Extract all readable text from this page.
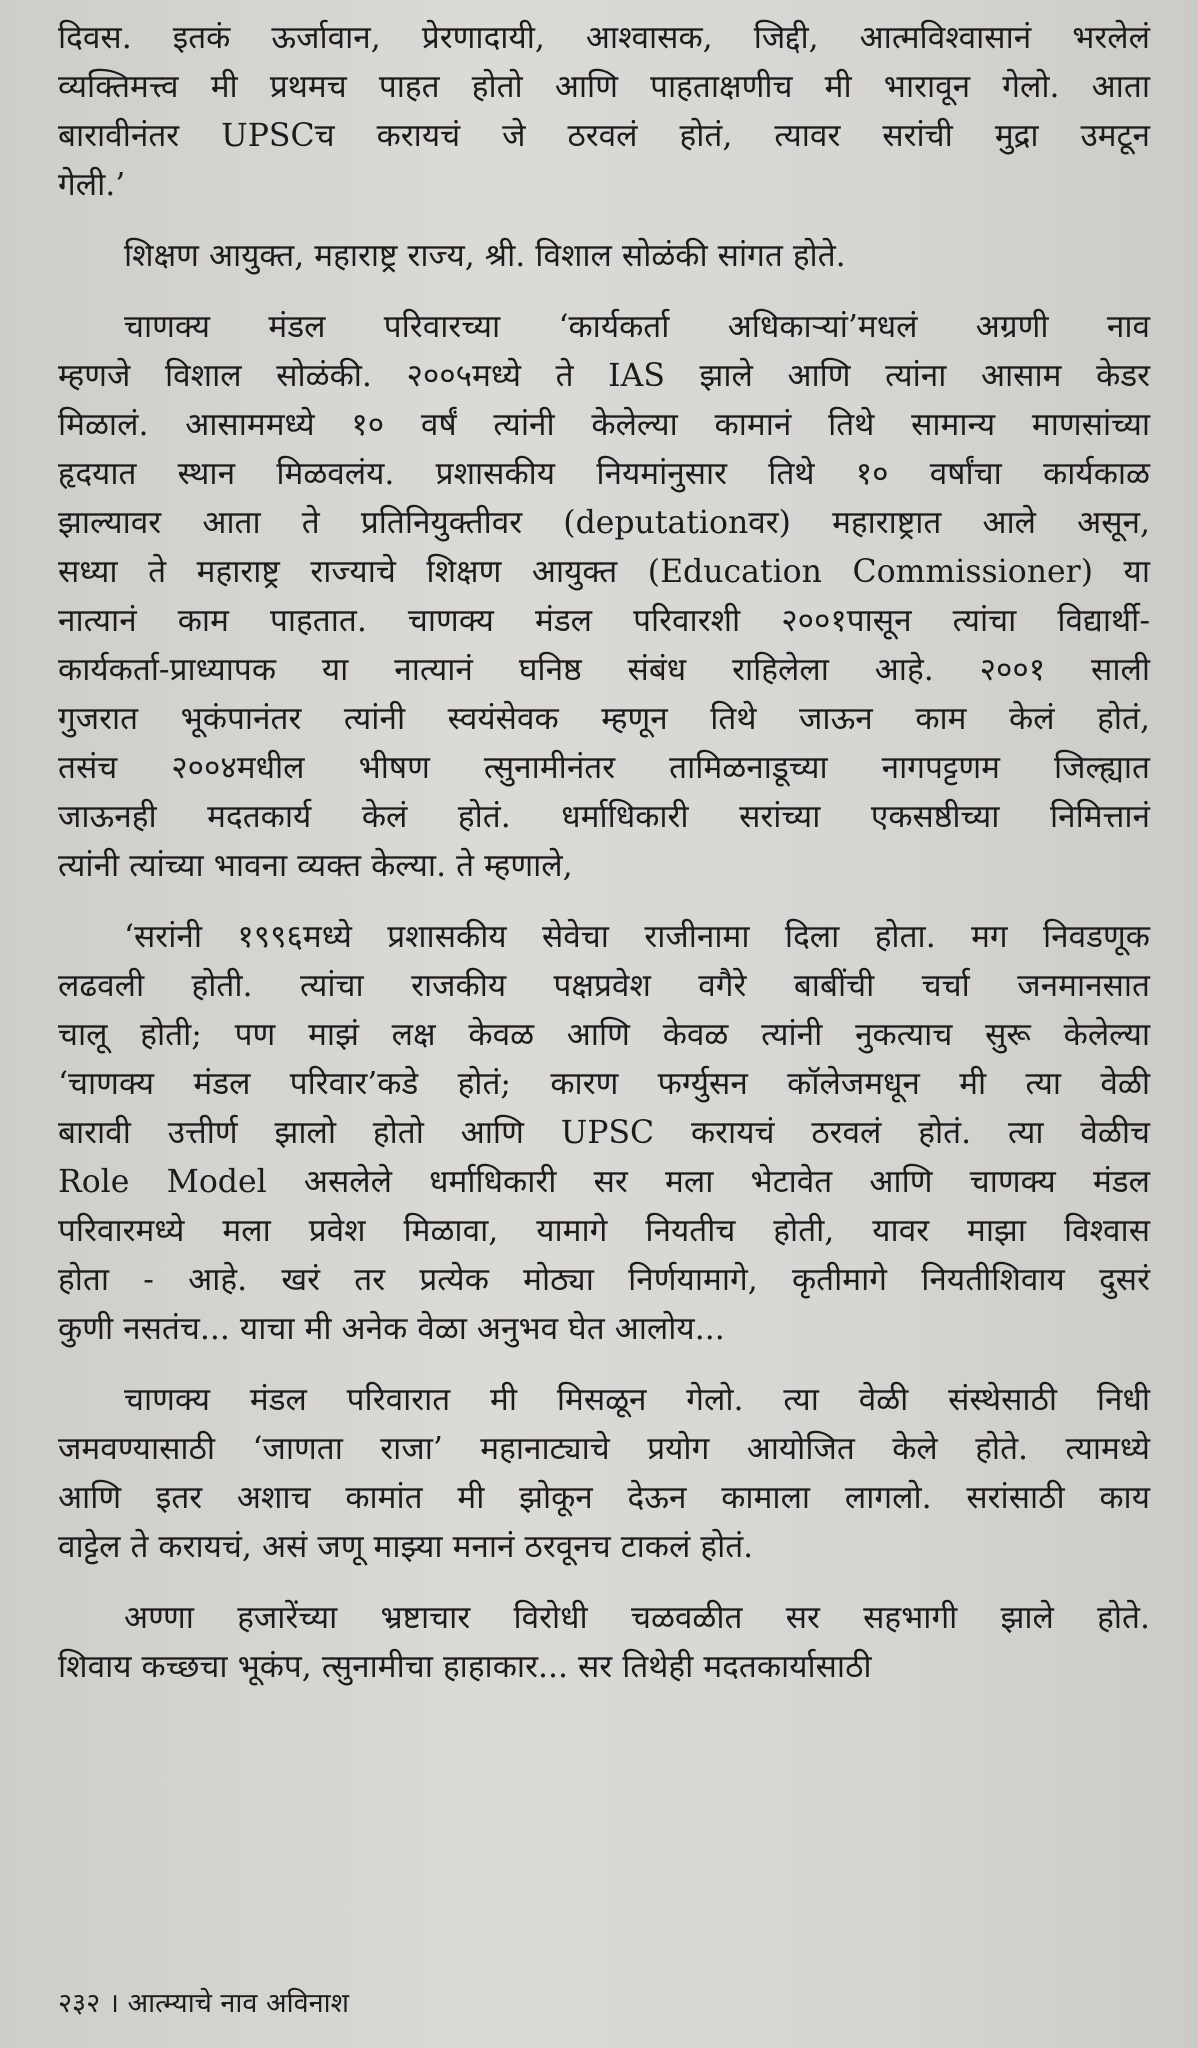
दिवस. इतकं ऊर्जावान, प्रेरणादायी, आश्वासक, जिद्दी, आत्मविश्वासानं भरलेलं
व्यक्तिमत्त्व मी प्रथमच पाहत होतो आणि पाहताक्षणीच मी भारावून गेलो. आता
बारावीनंतर UPSCच करायचं जे ठरवलं होतं, त्यावर सरांची मुद्रा उमटून
गेली.’
शिक्षण आयुक्त, महाराष्ट्र राज्य, श्री. विशाल सोळंकी सांगत होते.
चाणक्य मंडल परिवारच्या ‘कार्यकर्ता अधिकाऱ्यां’मधलं अग्रणी नाव
म्हणजे विशाल सोळंकी. २००५मध्ये ते IAS झाले आणि त्यांना आसाम केडर
मिळालं. आसाममध्ये १० वर्षं त्यांनी केलेल्या कामानं तिथे सामान्य माणसांच्या
हृदयात स्थान मिळवलंय. प्रशासकीय नियमांनुसार तिथे १० वर्षांचा कार्यकाळ
झाल्यावर आता ते प्रतिनियुक्तीवर (deputationवर) महाराष्ट्रात आले असून,
सध्या ते महाराष्ट्र राज्याचे शिक्षण आयुक्त (Education Commissioner) या
नात्यानं काम पाहतात. चाणक्य मंडल परिवारशी २००१पासून त्यांचा विद्यार्थी-
कार्यकर्ता-प्राध्यापक या नात्यानं घनिष्ठ संबंध राहिलेला आहे. २००१ साली
गुजरात भूकंपानंतर त्यांनी स्वयंसेवक म्हणून तिथे जाऊन काम केलं होतं,
तसंच २००४मधील भीषण त्सुनामीनंतर तामिळनाडूच्या नागपट्टणम जिल्ह्यात
जाऊनही मदतकार्य केलं होतं. धर्माधिकारी सरांच्या एकसष्ठीच्या निमित्तानं
त्यांनी त्यांच्या भावना व्यक्त केल्या. ते म्हणाले,
‘सरांनी १९९६मध्ये प्रशासकीय सेवेचा राजीनामा दिला होता. मग निवडणूक
लढवली होती. त्यांचा राजकीय पक्षप्रवेश वगैरे बाबींची चर्चा जनमानसात
चालू होती; पण माझं लक्ष केवळ आणि केवळ त्यांनी नुकत्याच सुरू केलेल्या
‘चाणक्य मंडल परिवार’कडे होतं; कारण फर्ग्युसन कॉलेजमधून मी त्या वेळी
बारावी उत्तीर्ण झालो होतो आणि UPSC करायचं ठरवलं होतं. त्या वेळीच
Role Model असलेले धर्माधिकारी सर मला भेटावेत आणि चाणक्य मंडल
परिवारमध्ये मला प्रवेश मिळावा, यामागे नियतीच होती, यावर माझा विश्वास
होता - आहे. खरं तर प्रत्येक मोठ्या निर्णयामागे, कृतीमागे नियतीशिवाय दुसरं
कुणी नसतंच... याचा मी अनेक वेळा अनुभव घेत आलोय...
चाणक्य मंडल परिवारात मी मिसळून गेलो. त्या वेळी संस्थेसाठी निधी
जमवण्यासाठी ‘जाणता राजा’ महानाट्याचे प्रयोग आयोजित केले होते. त्यामध्ये
आणि इतर अशाच कामांत मी झोकून देऊन कामाला लागलो. सरांसाठी काय
वाट्टेल ते करायचं, असं जणू माझ्या मनानं ठरवूनच टाकलं होतं.
अण्णा हजारेंच्या भ्रष्टाचार विरोधी चळवळीत सर सहभागी झाले होते.
शिवाय कच्छचा भूकंप, त्सुनामीचा हाहाकार... सर तिथेही मदतकार्यासाठी
२३२ । आत्म्याचे नाव अविनाश
